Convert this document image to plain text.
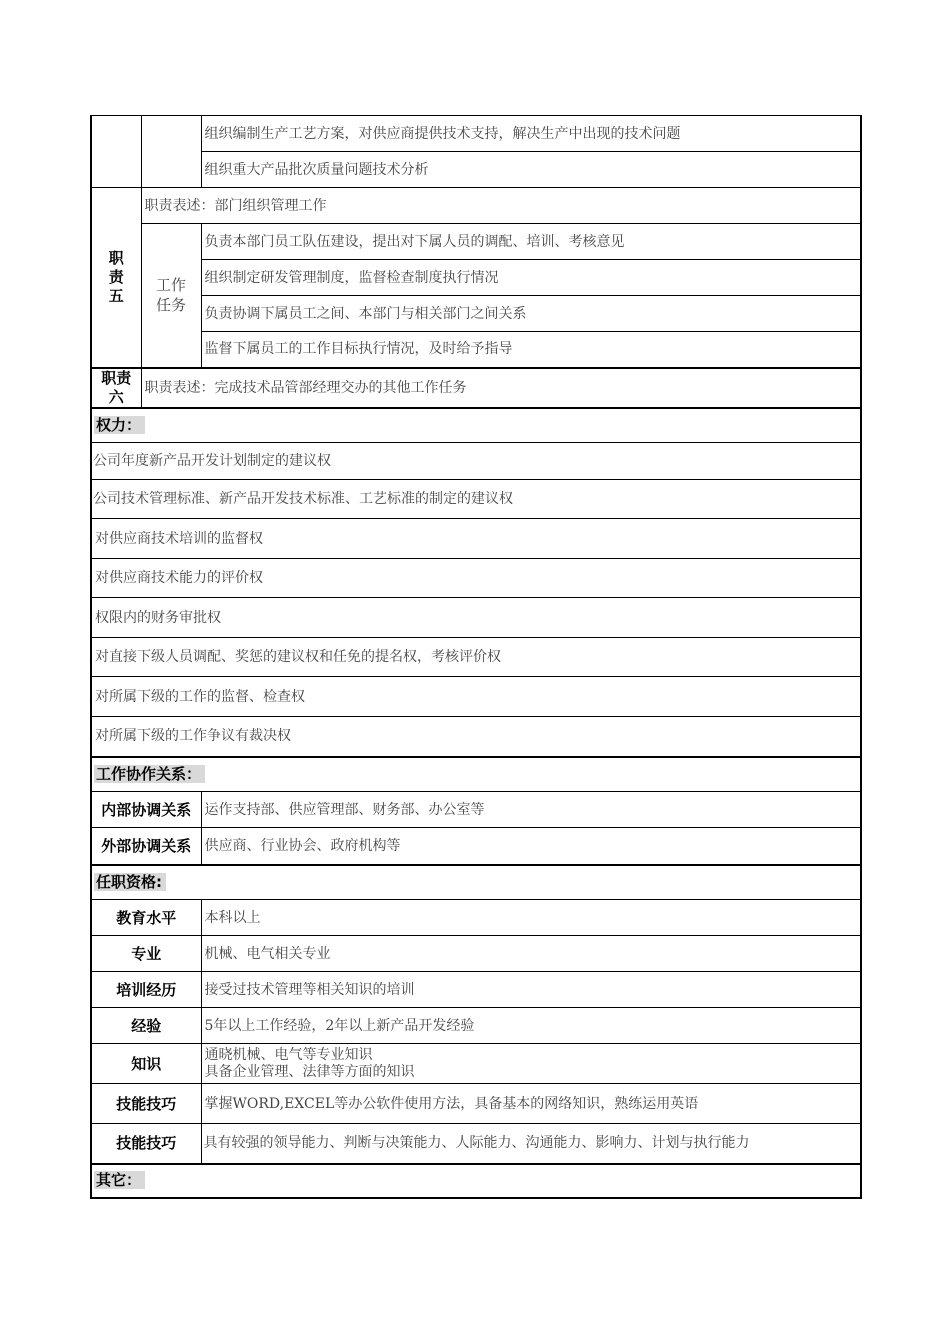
		组织编制生产工艺方案，对供应商提供技术支持，解决生产中出现的技术问题
		组织重大产品批次质量问题技术分析
职责五	职责表述：部门组织管理工作	
	工作任务	负责本部门员工队伍建设，提出对下属人员的调配、培训、考核意见
		组织制定研发管理制度，监督检查制度执行情况
		负责协调下属员工之间、本部门与相关部门之间关系
		监督下属员工的工作目标执行情况，及时给予指导
职责六	职责表述：完成技术品管部经理交办的其他工作任务	
权力：		
公司年度新产品开发计划制定的建议权		
公司技术管理标准、新产品开发技术标准、工艺标准的制定的建议权		
对供应商技术培训的监督权		
对供应商技术能力的评价权		
权限内的财务审批权		
对直接下级人员调配、奖惩的建议权和任免的提名权，考核评价权		
对所属下级的工作的监督、检查权		
对所属下级的工作争议有裁决权		
工作协作关系：		
内部协调关系		运作支持部、供应管理部、财务部、办公室等
外部协调关系		供应商、行业协会、政府机构等
任职资格:		
教育水平		本科以上
专业		机械、电气相关专业
培训经历		接受过技术管理等相关知识的培训
经验		5年以上工作经验，2年以上新产品开发经验
知识		通晓机械、电气等专业知识
具备企业管理、法律等方面的知识

技能技巧		掌握WORD,EXCEL等办公软件使用方法，具备基本的网络知识，熟练运用英语
技能技巧		具有较强的领导能力、判断与决策能力、人际能力、沟通能力、影响力、计划与执行能力
其它：		
